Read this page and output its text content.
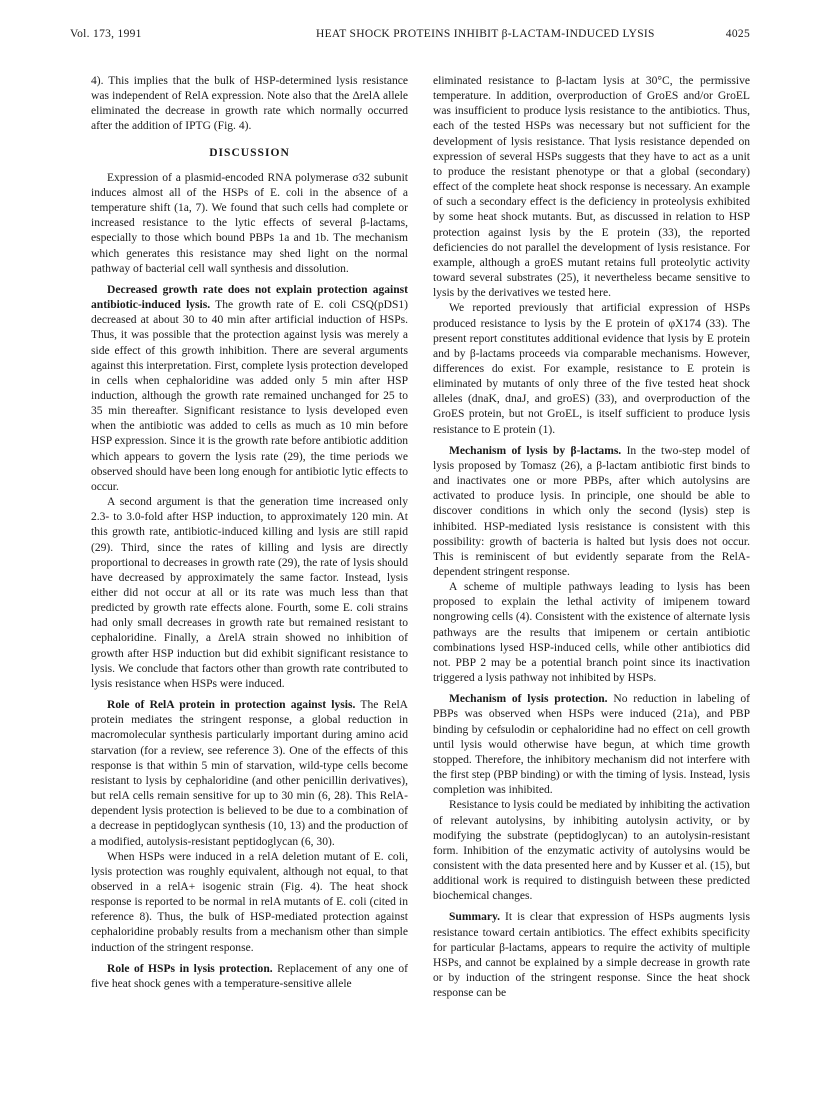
Vol. 173, 1991	HEAT SHOCK PROTEINS INHIBIT β-LACTAM-INDUCED LYSIS	4025

4). This implies that the bulk of HSP-determined lysis resistance was independent of RelA expression. Note also that the ΔrelA allele eliminated the decrease in growth rate which normally occurred after the addition of IPTG (Fig. 4).

DISCUSSION

Expression of a plasmid-encoded RNA polymerase σ32 subunit induces almost all of the HSPs of E. coli in the absence of a temperature shift (1a, 7). We found that such cells had complete or increased resistance to the lytic effects of several β-lactams, especially to those which bound PBPs 1a and 1b. The mechanism which generates this resistance may shed light on the normal pathway of bacterial cell wall synthesis and dissolution.

Decreased growth rate does not explain protection against antibiotic-induced lysis. The growth rate of E. coli CSQ(pDS1) decreased at about 30 to 40 min after artificial induction of HSPs. Thus, it was possible that the protection against lysis was merely a side effect of this growth inhibition. There are several arguments against this interpretation. First, complete lysis protection developed in cells when cephaloridine was added only 5 min after HSP induction, although the growth rate remained unchanged for 25 to 35 min thereafter. Significant resistance to lysis developed even when the antibiotic was added to cells as much as 10 min before HSP expression. Since it is the growth rate before antibiotic addition which appears to govern the lysis rate (29), the time periods we observed should have been long enough for antibiotic lytic effects to occur.

A second argument is that the generation time increased only 2.3- to 3.0-fold after HSP induction, to approximately 120 min. At this growth rate, antibiotic-induced killing and lysis are still rapid (29). Third, since the rates of killing and lysis are directly proportional to decreases in growth rate (29), the rate of lysis should have decreased by approximately the same factor. Instead, lysis either did not occur at all or its rate was much less than that predicted by growth rate effects alone. Fourth, some E. coli strains had only small decreases in growth rate but remained resistant to cephaloridine. Finally, a ΔrelA strain showed no inhibition of growth after HSP induction but did exhibit significant resistance to lysis. We conclude that factors other than growth rate contributed to lysis resistance when HSPs were induced.

Role of RelA protein in protection against lysis. The RelA protein mediates the stringent response, a global reduction in macromolecular synthesis particularly important during amino acid starvation (for a review, see reference 3). One of the effects of this response is that within 5 min of starvation, wild-type cells become resistant to lysis by cephaloridine (and other penicillin derivatives), but relA cells remain sensitive for up to 30 min (6, 28). This RelA-dependent lysis protection is believed to be due to a combination of a decrease in peptidoglycan synthesis (10, 13) and the production of a modified, autolysis-resistant peptidoglycan (6, 30).

When HSPs were induced in a relA deletion mutant of E. coli, lysis protection was roughly equivalent, although not equal, to that observed in a relA+ isogenic strain (Fig. 4). The heat shock response is reported to be normal in relA mutants of E. coli (cited in reference 8). Thus, the bulk of HSP-mediated protection against cephaloridine probably results from a mechanism other than simple induction of the stringent response.

Role of HSPs in lysis protection. Replacement of any one of five heat shock genes with a temperature-sensitive allele

eliminated resistance to β-lactam lysis at 30°C, the permissive temperature. In addition, overproduction of GroES and/or GroEL was insufficient to produce lysis resistance to the antibiotics. Thus, each of the tested HSPs was necessary but not sufficient for the development of lysis resistance. That lysis resistance depended on expression of several HSPs suggests that they have to act as a unit to produce the resistant phenotype or that a global (secondary) effect of the complete heat shock response is necessary. An example of such a secondary effect is the deficiency in proteolysis exhibited by some heat shock mutants. But, as discussed in relation to HSP protection against lysis by the E protein (33), the reported deficiencies do not parallel the development of lysis resistance. For example, although a groES mutant retains full proteolytic activity toward several substrates (25), it nevertheless became sensitive to lysis by the derivatives we tested here.

We reported previously that artificial expression of HSPs produced resistance to lysis by the E protein of φX174 (33). The present report constitutes additional evidence that lysis by E protein and by β-lactams proceeds via comparable mechanisms. However, differences do exist. For example, resistance to E protein is eliminated by mutants of only three of the five tested heat shock alleles (dnaK, dnaJ, and groES) (33), and overproduction of the GroES protein, but not GroEL, is itself sufficient to produce lysis resistance to E protein (1).

Mechanism of lysis by β-lactams. In the two-step model of lysis proposed by Tomasz (26), a β-lactam antibiotic first binds to and inactivates one or more PBPs, after which autolysins are activated to produce lysis. In principle, one should be able to discover conditions in which only the second (lysis) step is inhibited. HSP-mediated lysis resistance is consistent with this possibility: growth of bacteria is halted but lysis does not occur. This is reminiscent of but evidently separate from the RelA-dependent stringent response.

A scheme of multiple pathways leading to lysis has been proposed to explain the lethal activity of imipenem toward nongrowing cells (4). Consistent with the existence of alternate lysis pathways are the results that imipenem or certain antibiotic combinations lysed HSP-induced cells, while other antibiotics did not. PBP 2 may be a potential branch point since its inactivation triggered a lysis pathway not inhibited by HSPs.

Mechanism of lysis protection. No reduction in labeling of PBPs was observed when HSPs were induced (21a), and PBP binding by cefsulodin or cephaloridine had no effect on cell growth until lysis would otherwise have begun, at which time growth stopped. Therefore, the inhibitory mechanism did not interfere with the first step (PBP binding) or with the timing of lysis. Instead, lysis completion was inhibited.

Resistance to lysis could be mediated by inhibiting the activation of relevant autolysins, by inhibiting autolysin activity, or by modifying the substrate (peptidoglycan) to an autolysin-resistant form. Inhibition of the enzymatic activity of autolysins would be consistent with the data presented here and by Kusser et al. (15), but additional work is required to distinguish between these predicted biochemical changes.

Summary. It is clear that expression of HSPs augments lysis resistance toward certain antibiotics. The effect exhibits specificity for particular β-lactams, appears to require the activity of multiple HSPs, and cannot be explained by a simple decrease in growth rate or by induction of the stringent response. Since the heat shock response can be
